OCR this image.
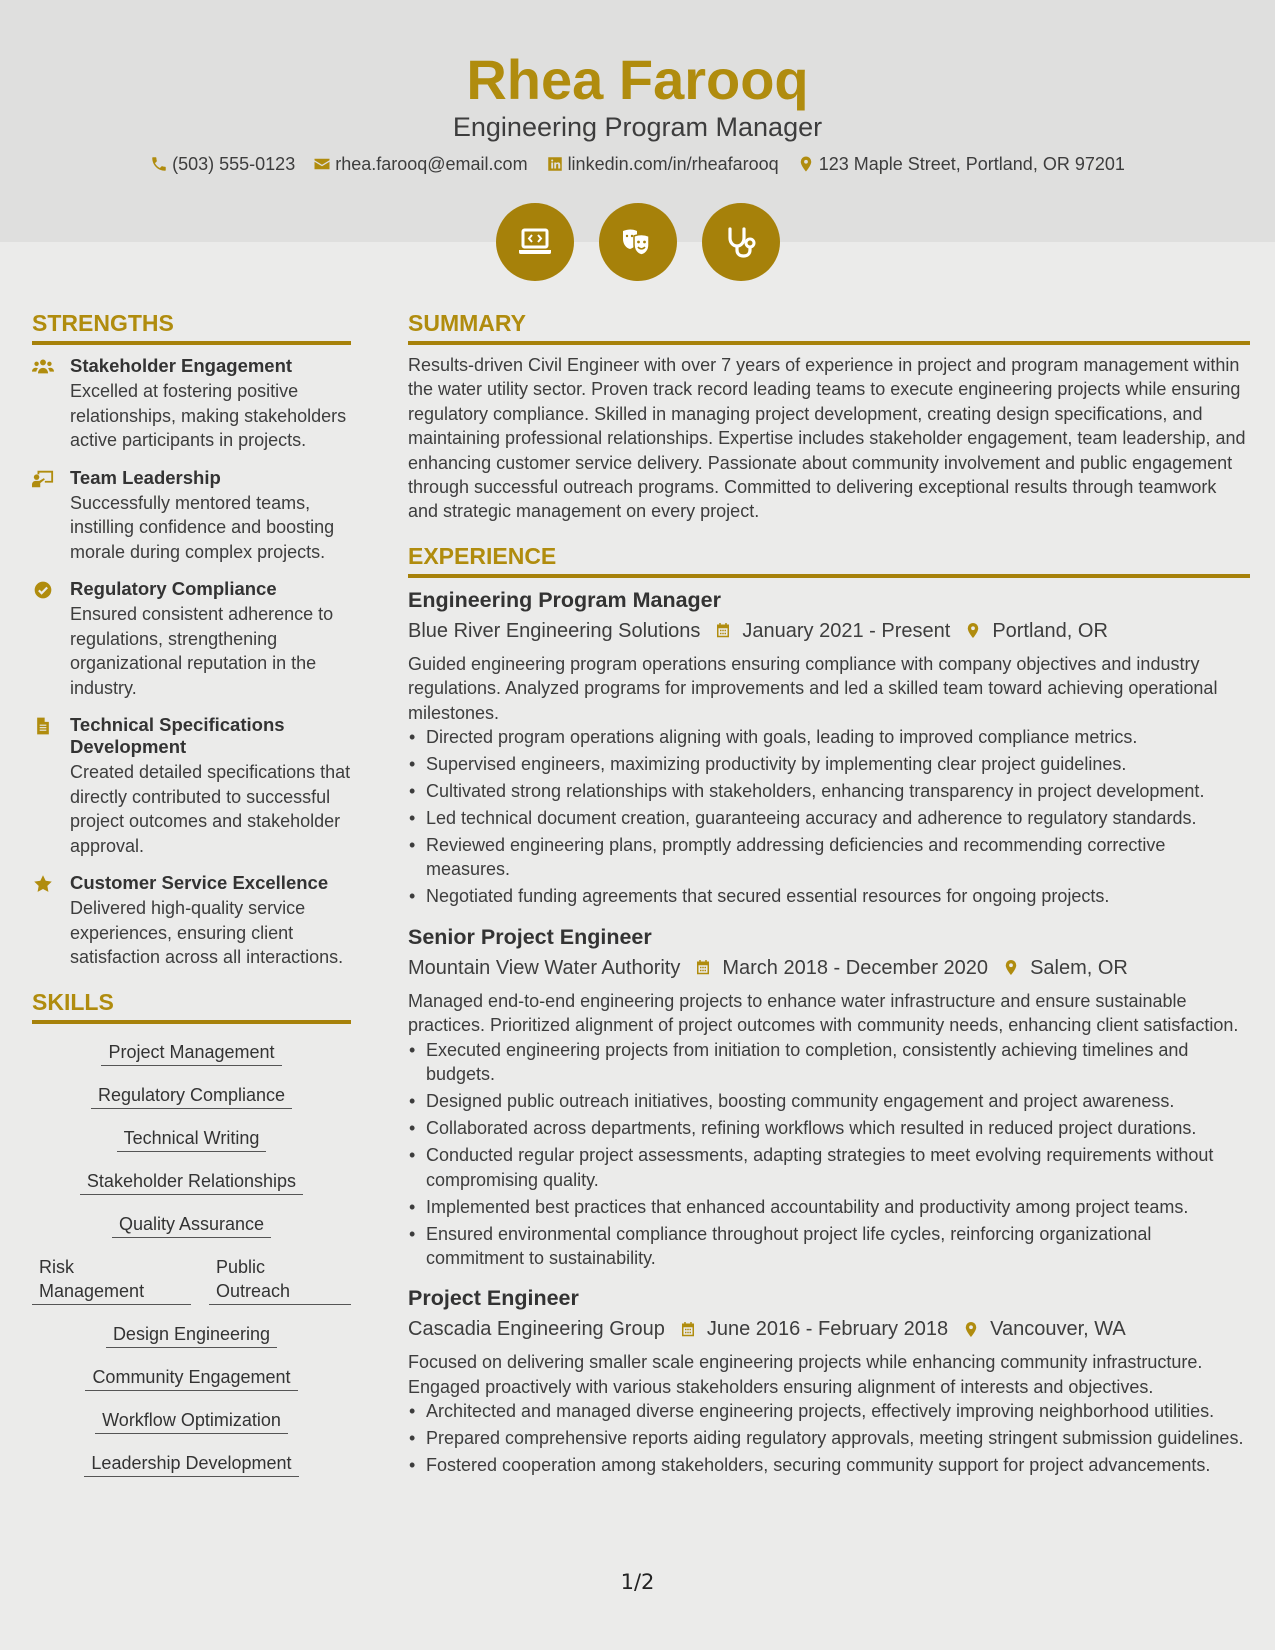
Rhea Farooq
Engineering Program Manager
(503) 555-0123 rhea.farooq@email.com linkedin.com/in/rheafarooq 123 Maple Street, Portland, OR 97201
STRENGTHS
Stakeholder Engagement
Excelled at fostering positive relationships, making stakeholders active participants in projects.
Team Leadership
Successfully mentored teams, instilling confidence and boosting morale during complex projects.
Regulatory Compliance
Ensured consistent adherence to regulations, strengthening organizational reputation in the industry.
Technical Specifications Development
Created detailed specifications that directly contributed to successful project outcomes and stakeholder approval.
Customer Service Excellence
Delivered high-quality service experiences, ensuring client satisfaction across all interactions.
SKILLS
Project Management
Regulatory Compliance
Technical Writing
Stakeholder Relationships
Quality Assurance
Risk Management
Public Outreach
Design Engineering
Community Engagement
Workflow Optimization
Leadership Development
SUMMARY
Results-driven Civil Engineer with over 7 years of experience in project and program management within the water utility sector. Proven track record leading teams to execute engineering projects while ensuring regulatory compliance. Skilled in managing project development, creating design specifications, and maintaining professional relationships. Expertise includes stakeholder engagement, team leadership, and enhancing customer service delivery. Passionate about community involvement and public engagement through successful outreach programs. Committed to delivering exceptional results through teamwork and strategic management on every project.
EXPERIENCE
Engineering Program Manager
Blue River Engineering Solutions January 2021 - Present Portland, OR
Guided engineering program operations ensuring compliance with company objectives and industry regulations. Analyzed programs for improvements and led a skilled team toward achieving operational milestones.
• Directed program operations aligning with goals, leading to improved compliance metrics.
• Supervised engineers, maximizing productivity by implementing clear project guidelines.
• Cultivated strong relationships with stakeholders, enhancing transparency in project development.
• Led technical document creation, guaranteeing accuracy and adherence to regulatory standards.
• Reviewed engineering plans, promptly addressing deficiencies and recommending corrective measures.
• Negotiated funding agreements that secured essential resources for ongoing projects.
Senior Project Engineer
Mountain View Water Authority March 2018 - December 2020 Salem, OR
Managed end-to-end engineering projects to enhance water infrastructure and ensure sustainable practices. Prioritized alignment of project outcomes with community needs, enhancing client satisfaction.
• Executed engineering projects from initiation to completion, consistently achieving timelines and budgets.
• Designed public outreach initiatives, boosting community engagement and project awareness.
• Collaborated across departments, refining workflows which resulted in reduced project durations.
• Conducted regular project assessments, adapting strategies to meet evolving requirements without compromising quality.
• Implemented best practices that enhanced accountability and productivity among project teams.
• Ensured environmental compliance throughout project life cycles, reinforcing organizational commitment to sustainability.
Project Engineer
Cascadia Engineering Group June 2016 - February 2018 Vancouver, WA
Focused on delivering smaller scale engineering projects while enhancing community infrastructure. Engaged proactively with various stakeholders ensuring alignment of interests and objectives.
• Architected and managed diverse engineering projects, effectively improving neighborhood utilities.
• Prepared comprehensive reports aiding regulatory approvals, meeting stringent submission guidelines.
• Fostered cooperation among stakeholders, securing community support for project advancements.
1/2
